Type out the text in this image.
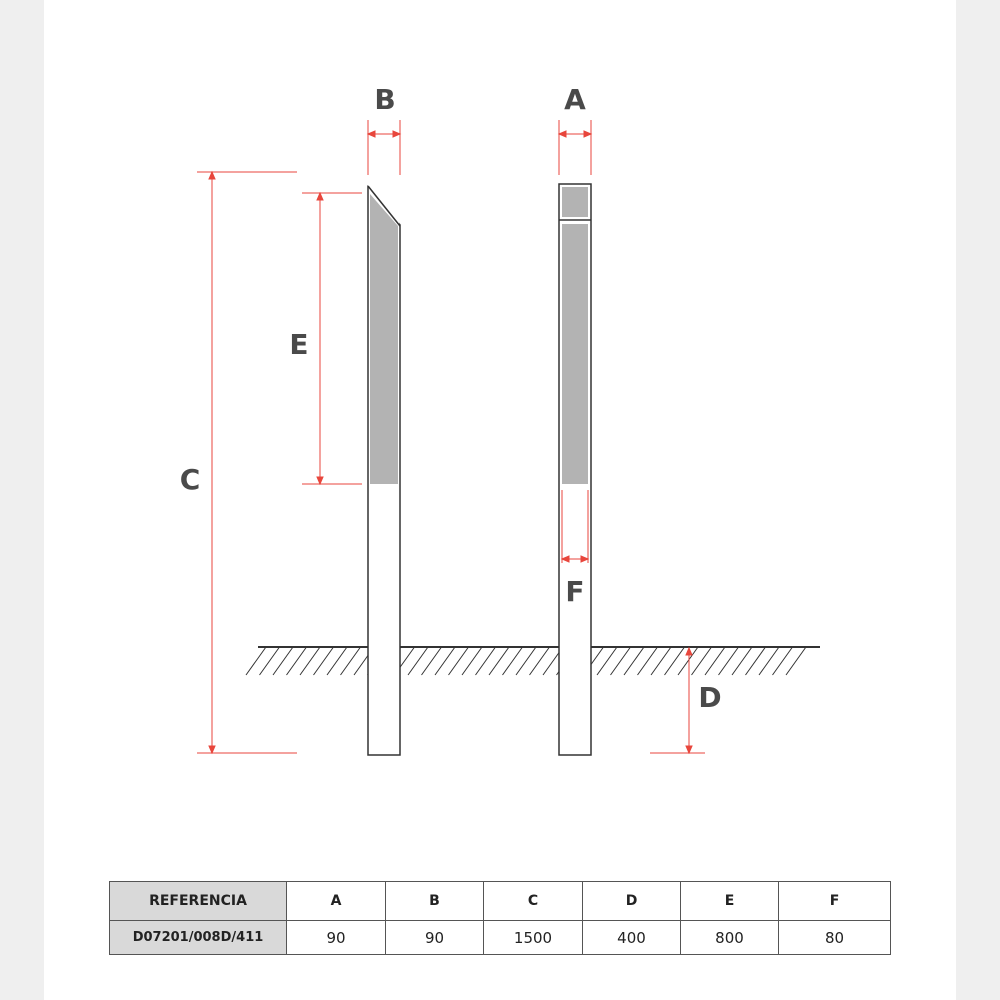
B	A
C
E
F
D
REFERENCIA	A	B	C	D	E	F
D07201/008D/411	90	90	1500	400	800	80
